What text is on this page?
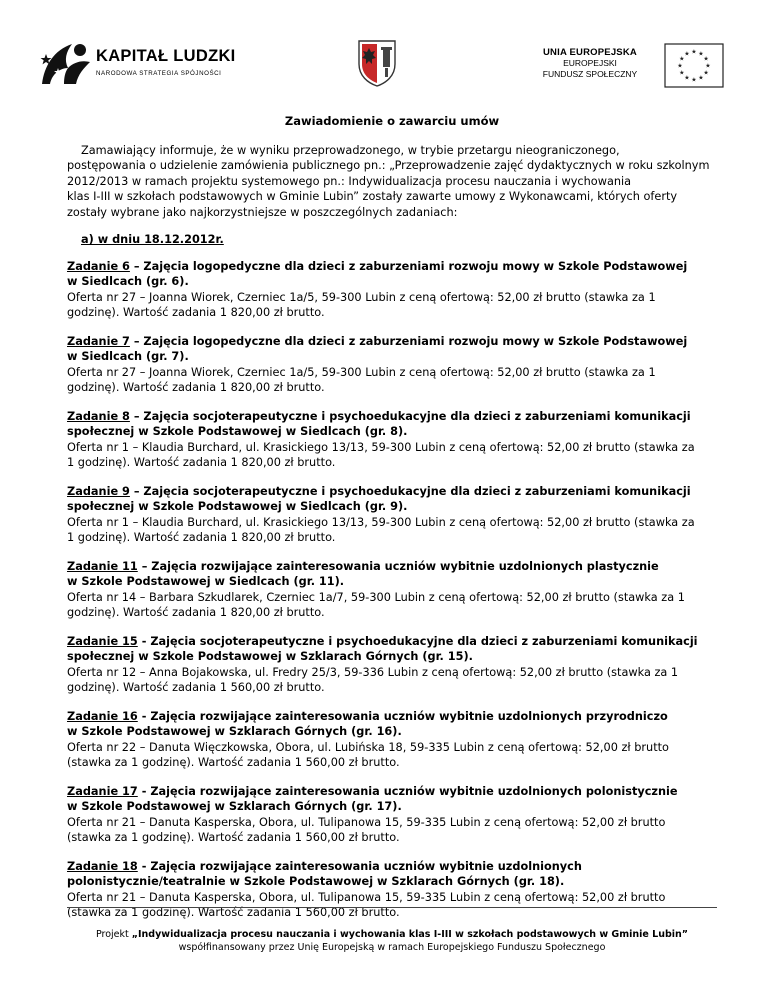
KAPITAŁ LUDZKI
NARODOWA STRATEGIA SPÓJNOŚCI
UNIA EUROPEJSKA
EUROPEJSKI
FUNDUSZ SPOŁECZNY
★
★
★
★
★
★
★
★
★ ★ ★
★
Zawiadomienie o zawarciu umów
Zamawiający informuje, że w wyniku przeprowadzonego, w trybie przetargu nieograniczonego,
postępowania o udzielenie zamówienia publicznego pn.: „Przeprowadzenie zajęć dydaktycznych w roku szkolnym
2012/2013 w ramach projektu systemowego pn.: Indywidualizacja procesu nauczania i wychowania
klas I-III w szkołach podstawowych w Gminie Lubin” zostały zawarte umowy z Wykonawcami, których oferty
zostały wybrane jako najkorzystniejsze w poszczególnych zadaniach:
a) w dniu 18.12.2012r.
Zadanie 6 – Zajęcia logopedyczne dla dzieci z zaburzeniami rozwoju mowy w Szkole Podstawowej
w Siedlcach (gr. 6).
Oferta nr 27 – Joanna Wiorek, Czerniec 1a/5, 59-300 Lubin z ceną ofertową: 52,00 zł brutto (stawka za 1
godzinę). Wartość zadania 1 820,00 zł brutto.
Zadanie 7 – Zajęcia logopedyczne dla dzieci z zaburzeniami rozwoju mowy w Szkole Podstawowej
w Siedlcach (gr. 7).
Oferta nr 27 – Joanna Wiorek, Czerniec 1a/5, 59-300 Lubin z ceną ofertową: 52,00 zł brutto (stawka za 1
godzinę). Wartość zadania 1 820,00 zł brutto.
Zadanie 8 – Zajęcia socjoterapeutyczne i psychoedukacyjne dla dzieci z zaburzeniami komunikacji
społecznej w Szkole Podstawowej w Siedlcach (gr. 8).
Oferta nr 1 – Klaudia Burchard, ul. Krasickiego 13/13, 59-300 Lubin z ceną ofertową: 52,00 zł brutto (stawka za
1 godzinę). Wartość zadania 1 820,00 zł brutto.
Zadanie 9 – Zajęcia socjoterapeutyczne i psychoedukacyjne dla dzieci z zaburzeniami komunikacji
społecznej w Szkole Podstawowej w Siedlcach (gr. 9).
Oferta nr 1 – Klaudia Burchard, ul. Krasickiego 13/13, 59-300 Lubin z ceną ofertową: 52,00 zł brutto (stawka za
1 godzinę). Wartość zadania 1 820,00 zł brutto.
Zadanie 11 – Zajęcia rozwijające zainteresowania uczniów wybitnie uzdolnionych plastycznie
w Szkole Podstawowej w Siedlcach (gr. 11).
Oferta nr 14 – Barbara Szkudlarek, Czerniec 1a/7, 59-300 Lubin z ceną ofertową: 52,00 zł brutto (stawka za 1
godzinę). Wartość zadania 1 820,00 zł brutto.
Zadanie 15 - Zajęcia socjoterapeutyczne i psychoedukacyjne dla dzieci z zaburzeniami komunikacji
społecznej w Szkole Podstawowej w Szklarach Górnych (gr. 15).
Oferta nr 12 – Anna Bojakowska, ul. Fredry 25/3, 59-336 Lubin z ceną ofertową: 52,00 zł brutto (stawka za 1
godzinę). Wartość zadania 1 560,00 zł brutto.
Zadanie 16 - Zajęcia rozwijające zainteresowania uczniów wybitnie uzdolnionych przyrodniczo
w Szkole Podstawowej w Szklarach Górnych (gr. 16).
Oferta nr 22 – Danuta Więczkowska, Obora, ul. Lubińska 18, 59-335 Lubin z ceną ofertową: 52,00 zł brutto
(stawka za 1 godzinę). Wartość zadania 1 560,00 zł brutto.
Zadanie 17 - Zajęcia rozwijające zainteresowania uczniów wybitnie uzdolnionych polonistycznie
w Szkole Podstawowej w Szklarach Górnych (gr. 17).
Oferta nr 21 – Danuta Kasperska, Obora, ul. Tulipanowa 15, 59-335 Lubin z ceną ofertową: 52,00 zł brutto
(stawka za 1 godzinę). Wartość zadania 1 560,00 zł brutto.
Zadanie 18 - Zajęcia rozwijające zainteresowania uczniów wybitnie uzdolnionych
polonistycznie/teatralnie w Szkole Podstawowej w Szklarach Górnych (gr. 18).
Oferta nr 21 – Danuta Kasperska, Obora, ul. Tulipanowa 15, 59-335 Lubin z ceną ofertową: 52,00 zł brutto
(stawka za 1 godzinę). Wartość zadania 1 560,00 zł brutto.
Projekt „Indywidualizacja procesu nauczania i wychowania klas I-III w szkołach podstawowych w Gminie Lubin”
współfinansowany przez Unię Europejską w ramach Europejskiego Funduszu Społecznego
